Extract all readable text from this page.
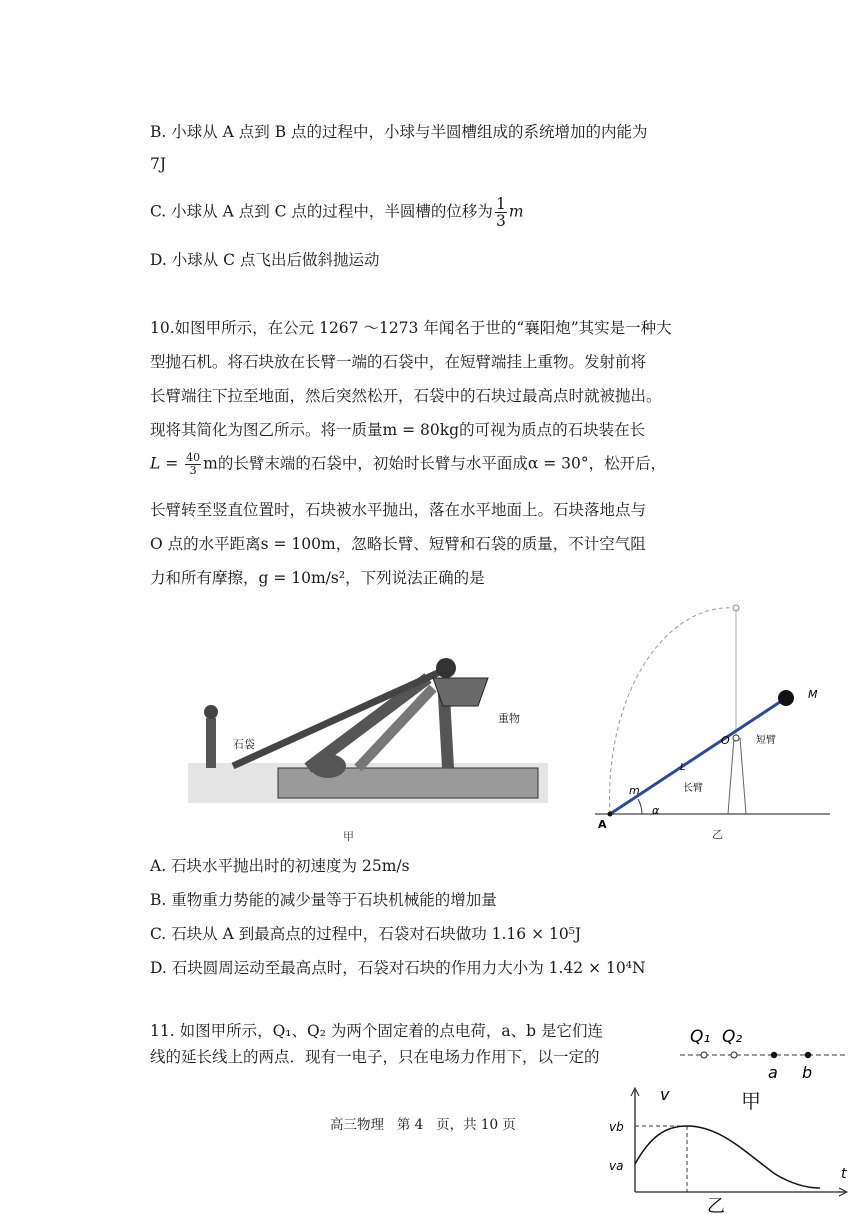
B. 小球从 A 点到 B 点的过程中，小球与半圆槽组成的系统增加的内能为
7J
C. 小球从 A 点到 C 点的过程中，半圆槽的位移为 $\frac{1}{3}$ m
D. 小球从 C 点飞出后做斜抛运动
10.如图甲所示，在公元 1267 ～1273 年闻名于世的“襄阳炮”其实是一种大
型抛石机。将石块放在长臂一端的石袋中，在短臂端挂上重物。发射前将
长臂端往下拉至地面，然后突然松开，石袋中的石块过最高点时就被抛出。
现将其简化为图乙所示。将一质量m = 80kg的可视为质点的石块装在长
$L = \frac{40}{3}$ m的长臂末端的石袋中，初始时长臂与水平面成α = 30°，松开后，
长臂转至竖直位置时，石块被水平抛出，落在水平地面上。石块落地点与
O 点的水平距离s = 100m，忽略长臂、短臂和石袋的质量，不计空气阻
力和所有摩擦，g = 10m/s²，下列说法正确的是
石袋
重物
甲
M
O	短臂
L
长臂
m
α
A
乙
A. 石块水平抛出时的初速度为 25m/s
B. 重物重力势能的减少量等于石块机械能的增加量
C. 石块从 A 到最高点的过程中，石袋对石块做功 1.16 × 10⁵J
D. 石块圆周运动至最高点时，石袋对石块的作用力大小为 1.42 × 10⁴N
11. 如图甲所示，Q₁、Q₂ 为两个固定着的点电荷，a、b 是它们连
线的延长线上的两点．现有一电子，只在电场力作用下，以一定的
Q₁ Q₂
a b
v
vb
va	t
乙
甲
高三物理   第 4   页，共 10 页
